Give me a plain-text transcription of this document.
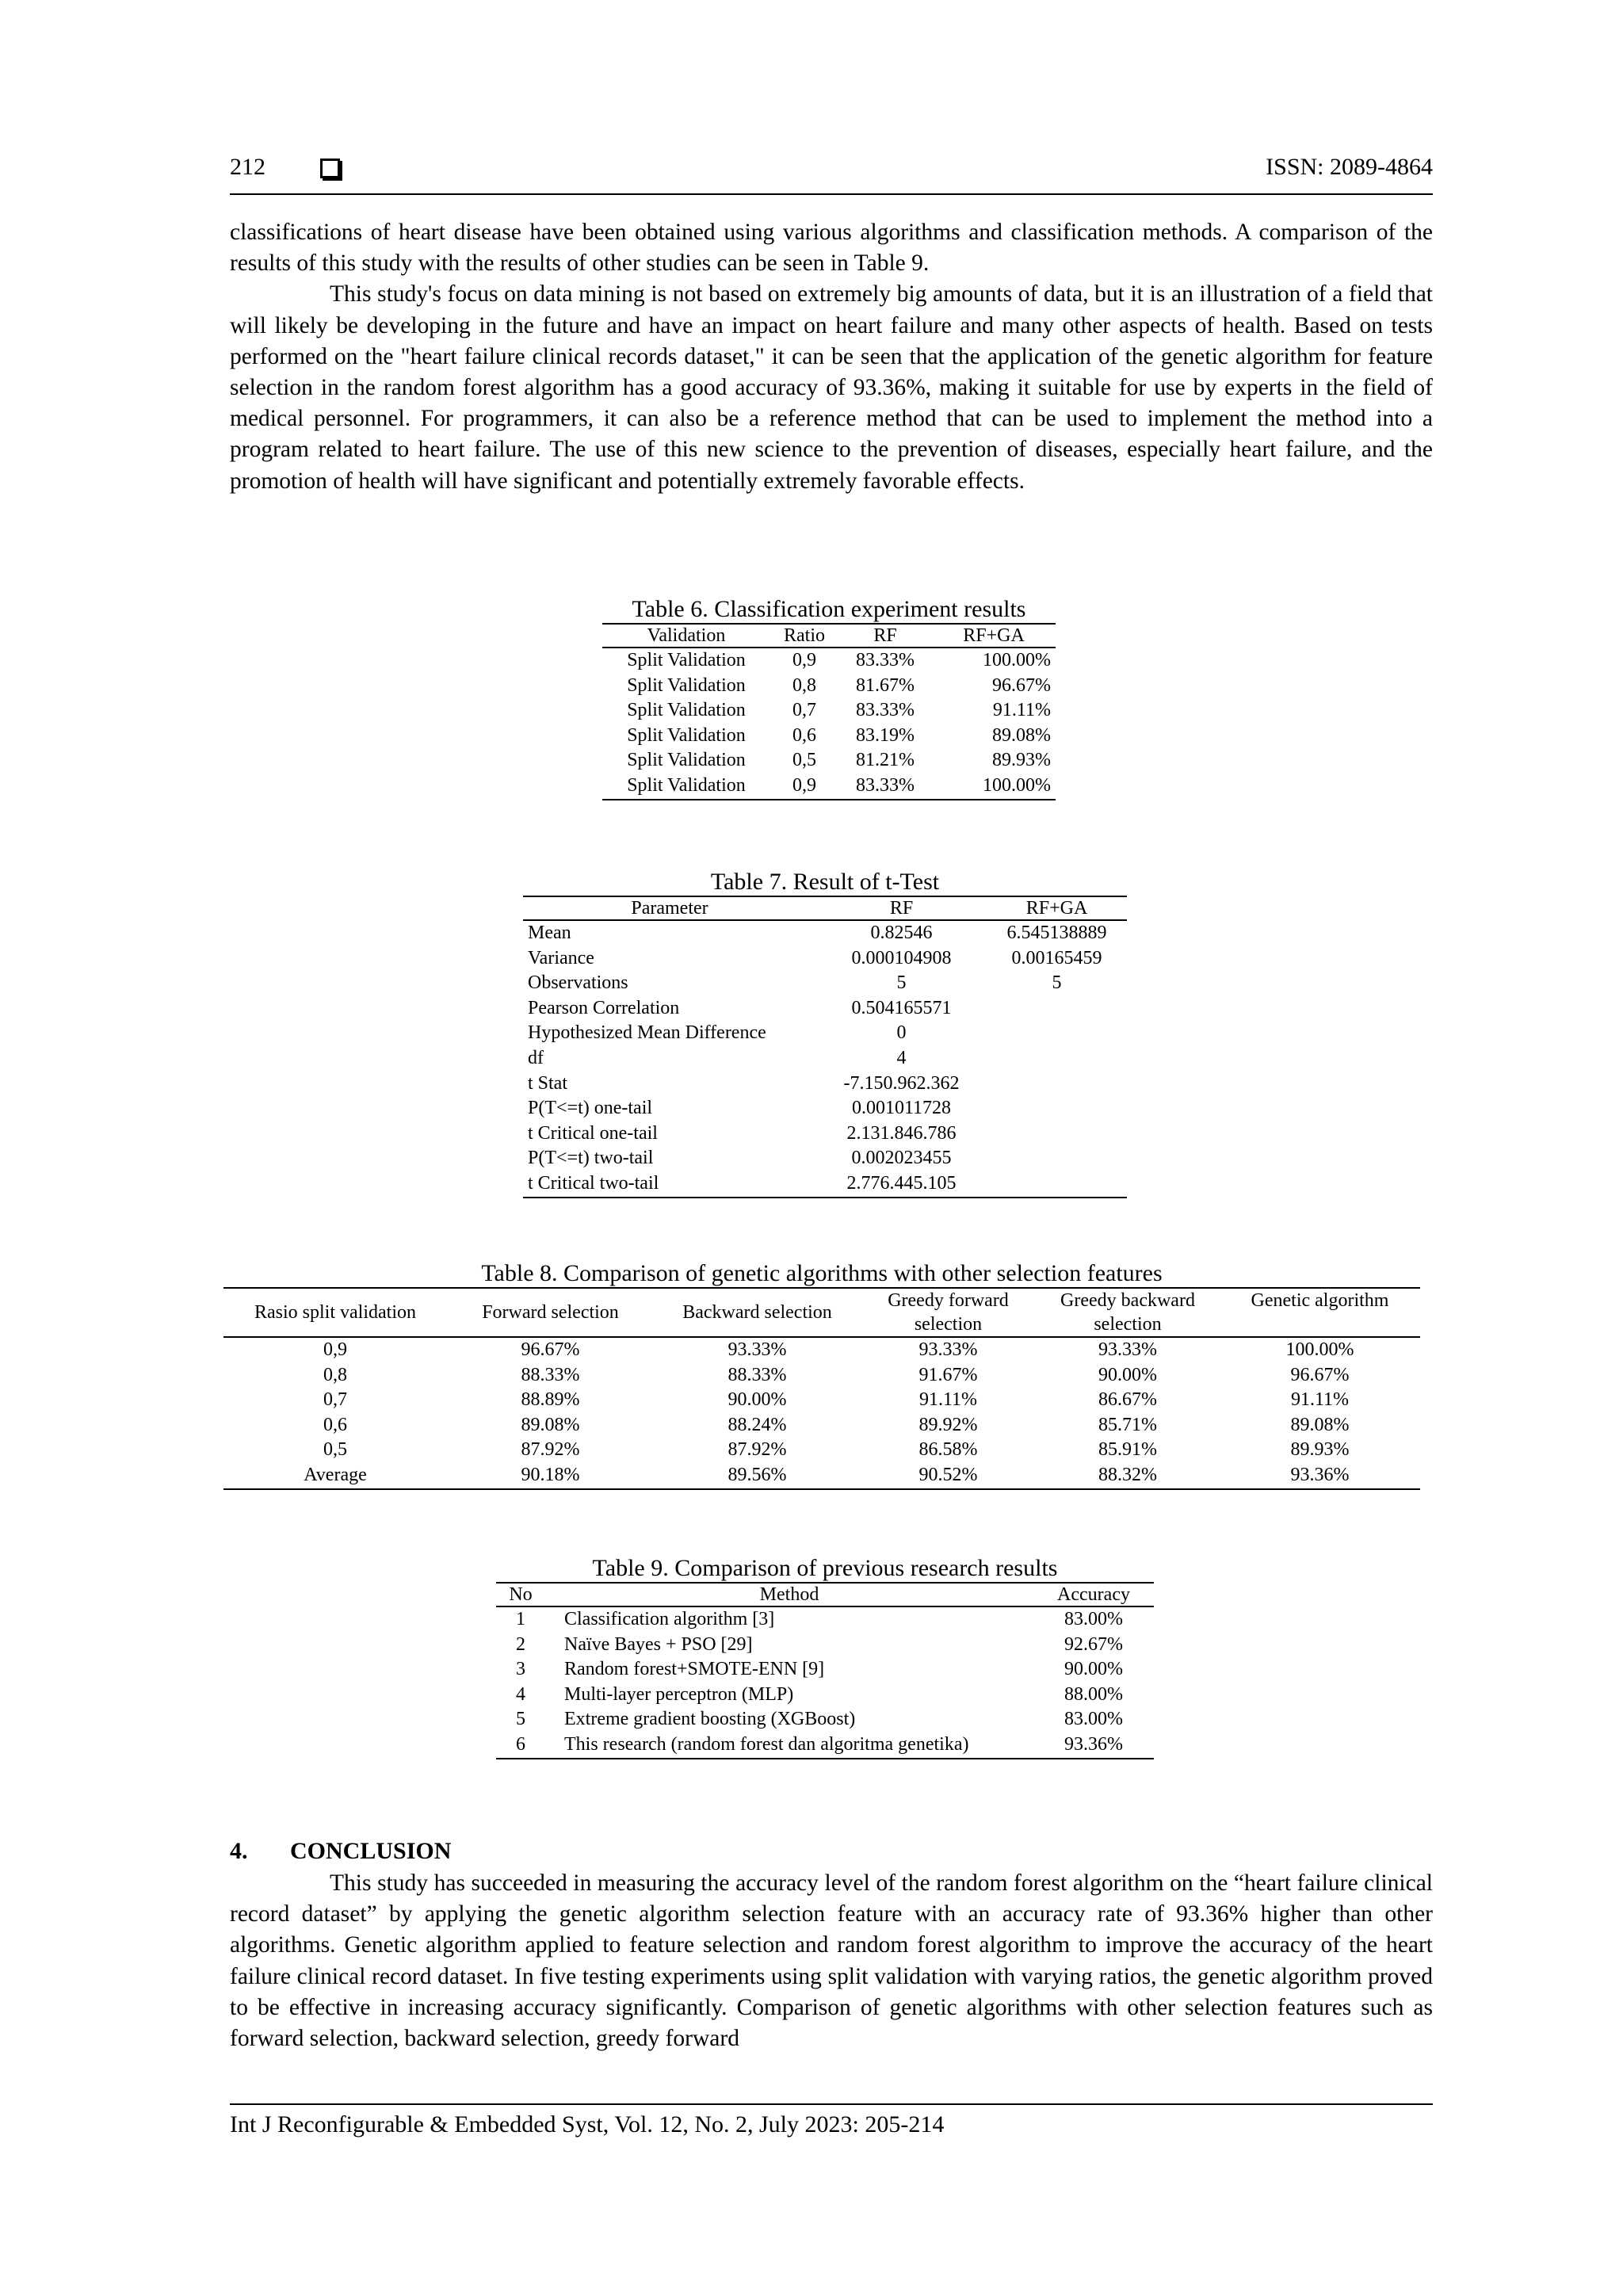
212	ISSN: 2089-4864

classifications of heart disease have been obtained using various algorithms and classification methods. A comparison of the results of this study with the results of other studies can be seen in Table 9.

This study's focus on data mining is not based on extremely big amounts of data, but it is an illustration of a field that will likely be developing in the future and have an impact on heart failure and many other aspects of health. Based on tests performed on the "heart failure clinical records dataset," it can be seen that the application of the genetic algorithm for feature selection in the random forest algorithm has a good accuracy of 93.36%, making it suitable for use by experts in the field of medical personnel. For programmers, it can also be a reference method that can be used to implement the method into a program related to heart failure. The use of this new science to the prevention of diseases, especially heart failure, and the promotion of health will have significant and potentially extremely favorable effects.

Table 6. Classification experiment results
Validation	Ratio	RF	RF+GA
Split Validation	0,9	83.33%	100.00%
Split Validation	0,8	81.67%	96.67%
Split Validation	0,7	83.33%	91.11%
Split Validation	0,6	83.19%	89.08%
Split Validation	0,5	81.21%	89.93%
Split Validation	0,9	83.33%	100.00%
Table 7. Result of t-Test
Parameter	RF	RF+GA
Mean	0.82546	6.545138889
Variance	0.000104908	0.00165459
Observations	5	5
Pearson Correlation	0.504165571	
Hypothesized Mean Difference	0	
df	4	
t Stat	-7.150.962.362	
P(T<=t) one-tail	0.001011728	
t Critical one-tail	2.131.846.786	
P(T<=t) two-tail	0.002023455	
t Critical two-tail	2.776.445.105	
Table 8. Comparison of genetic algorithms with other selection features
Rasio split validation	Forward selection	Backward selection	Greedy forward selection	Greedy backward selection	Genetic algorithm
0,9	96.67%	93.33%	93.33%	93.33%	100.00%
0,8	88.33%	88.33%	91.67%	90.00%	96.67%
0,7	88.89%	90.00%	91.11%	86.67%	91.11%
0,6	89.08%	88.24%	89.92%	85.71%	89.08%
0,5	87.92%	87.92%	86.58%	85.91%	89.93%
Average	90.18%	89.56%	90.52%	88.32%	93.36%
Table 9. Comparison of previous research results
No	Method	Accuracy
1	Classification algorithm [3]	83.00%
2	Naïve Bayes + PSO [29]	92.67%
3	Random forest+SMOTE-ENN [9]	90.00%
4	Multi-layer perceptron (MLP)	88.00%
5	Extreme gradient boosting (XGBoost)	83.00%
6	This research (random forest dan algoritma genetika)	93.36%
4. CONCLUSION

This study has succeeded in measuring the accuracy level of the random forest algorithm on the “heart failure clinical record dataset” by applying the genetic algorithm selection feature with an accuracy rate of 93.36% higher than other algorithms. Genetic algorithm applied to feature selection and random forest algorithm to improve the accuracy of the heart failure clinical record dataset. In five testing experiments using split validation with varying ratios, the genetic algorithm proved to be effective in increasing accuracy significantly. Comparison of genetic algorithms with other selection features such as forward selection, backward selection, greedy forward

Int J Reconfigurable & Embedded Syst, Vol. 12, No. 2, July 2023: 205-214
